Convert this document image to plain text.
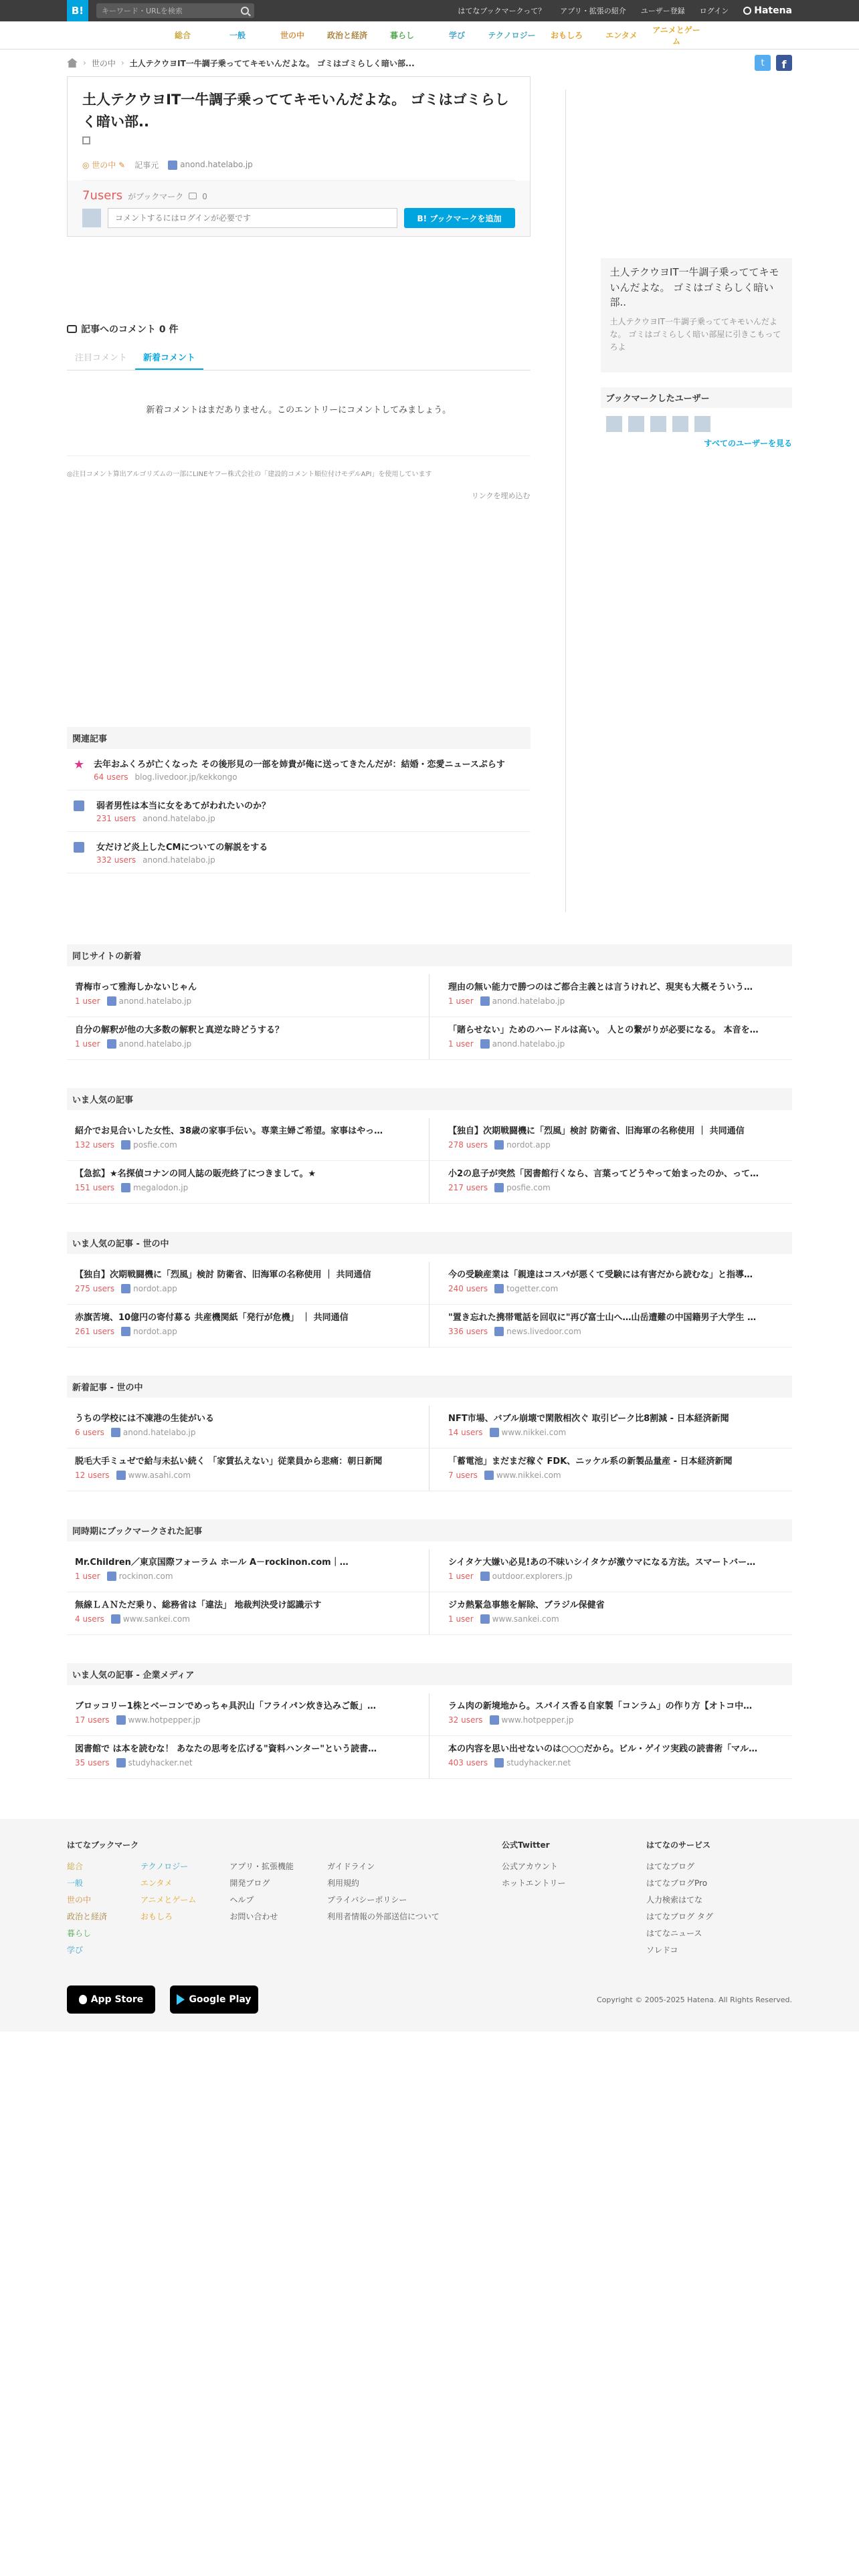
B!
キーワード・URLを検索	はてなブックマークって？ アプリ・拡張の紹介 ユーザー登録 ログイン	Hatena
総合	一般	世の中	政治と経済	暮らし	学び	テクノロジー	おもしろ	エンタメ
アニメとゲーム
› 世の中 › 土人テクウヨIT一牛調子乗っててキモいんだよな。 ゴミはゴミらしく暗い部...	t	f
土人テクウヨIT一牛調子乗っててキモいんだよな。 ゴミはゴミらしく暗い部..
◎ 世の中 ✎ 記事元	anond.hatelabo.jp
7users がブックマーク 0
コメントするにはログインが必要です
B! ブックマークを追加
記事へのコメント 0 件
注目コメント	新着コメント
新着コメントはまだありません。このエントリーにコメントしてみましょう。
◎注目コメント算出アルゴリズムの一部にLINEヤフー株式会社の「建設的コメント順位付けモデルAPI」を使用しています
リンクを埋め込む
関連記事
★ 去年おふくろが亡くなった その後形見の一部を姉貴が俺に送ってきたんだが：結婚・恋愛ニュースぷらす
64 users blog.livedoor.jp/kekkongo
弱者男性は本当に女をあてがわれたいのか？
231 users anond.hatelabo.jp
女だけど炎上したCMについての解説をする
332 users anond.hatelabo.jp
土人テクウヨIT一牛調子乗っててキモいんだよな。 ゴミはゴミらしく暗い部..
土人テクウヨIT一牛調子乗っててキモいんだよな。 ゴミはゴミらしく暗い部屋に引きこもってろよ
ブックマークしたユーザー
すべてのユーザーを見る
同じサイトの新着
青梅市って雅海しかないじゃん
1 user anond.hatelabo.jp
理由の無い能力で勝つのはご都合主義とは言うけれど、現実も大概そういう…
1 user anond.hatelabo.jp
自分の解釈が他の大多数の解釈と真逆な時どうする？
1 user anond.hatelabo.jp
「賭らせない」ためのハードルは高い。 人との繋がりが必要になる。 本音を…
1 user anond.hatelabo.jp
いま人気の記事
紹介でお見合いした女性、38歳の家事手伝い。専業主婦ご希望。家事はやっ…
132 users posfie.com
【独自】次期戦闘機に「烈風」検討 防衛省、旧海軍の名称使用 ｜ 共同通信
278 users nordot.app
【急拡】★名探偵コナンの同人誌の販売終了につきまして。★
151 users megalodon.jp
小2の息子が突然「図書館行くなら、言葉ってどうやって始まったのか、って…
217 users posfie.com
いま人気の記事 - 世の中
【独自】次期戦闘機に「烈風」検討 防衛省、旧海軍の名称使用 ｜ 共同通信
275 users nordot.app
今の受験産業は「親達はコスパが悪くて受験には有害だから読むな」と指導…
240 users togetter.com
赤旗苦境、10億円の寄付募る 共産機関紙「発行が危機」 ｜ 共同通信
261 users nordot.app
"置き忘れた携帯電話を回収に"再び富士山へ…山岳遭難の中国籍男子大学生 …
336 users news.livedoor.com
新着記事 - 世の中
うちの学校には不凍港の生徒がいる
6 users anond.hatelabo.jp
NFT市場、バブル崩壊で閑散相次ぐ 取引ピーク比8割減 - 日本経済新聞
14 users www.nikkei.com
脱毛大手ミュゼで給与未払い続く 「家賃払えない」従業員から悲痛：朝日新聞
12 users www.asahi.com
「蓄電池」まだまだ稼ぐ FDK、ニッケル系の新製品量産 - 日本経済新聞
7 users www.nikkei.com
同時期にブックマークされた記事
Mr.Children／東京国際フォーラム ホール A－rockinon.com｜…
1 user rockinon.com
シイタケ大嫌い必見!あの不味いシイタケが激ウマになる方法。スマートバー…
1 user outdoor.explorers.jp
無線ＬＡＮただ乗り、総務省は「違法」 地裁判決受け認識示す
4 users www.sankei.com
ジカ熱緊急事態を解除、ブラジル保健省
1 user www.sankei.com
いま人気の記事 - 企業メディア
ブロッコリー1株とベーコンでめっちゃ具沢山「フライパン炊き込みご飯」…
17 users www.hotpepper.jp
ラム肉の新境地から。スパイス香る自家製「コンラム」の作り方【オトコ中…
32 users www.hotpepper.jp
図書館で は本を読むな！ あなたの思考を広げる"資料ハンター"という読書…
35 users studyhacker.net
本の内容を思い出せないのは○○○だから。ビル・ゲイツ実践の読書術「マル…
403 users studyhacker.net
はてなブックマーク
総合
一般
世の中
政治と経済
暮らし
学び
テクノロジー
エンタメ
アニメとゲーム
おもしろ
アプリ・拡張機能
開発ブログ
ヘルプ
お問い合わせ
ガイドライン
利用規約
プライバシーポリシー
利用者情報の外部送信について
公式Twitter
公式アカウント
ホットエントリー
はてなのサービス
はてなブログ
はてなブログPro
人力検索はてな
はてなブログ タグ
はてなニュース
ソレドコ
App Store	Google Play	Copyright © 2005-2025 Hatena. All Rights Reserved.
